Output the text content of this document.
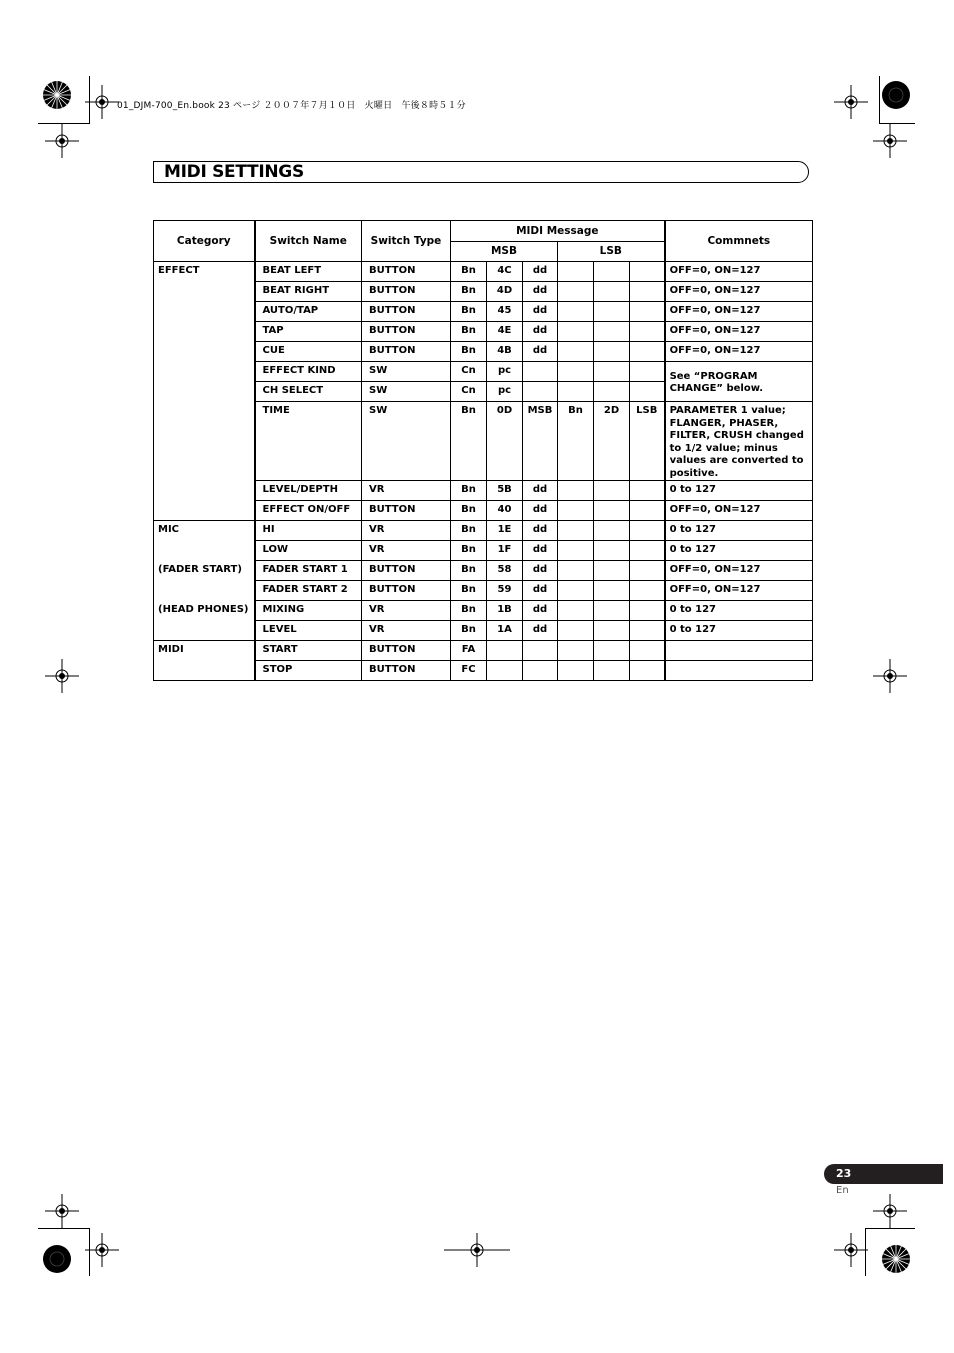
01_DJM-700_En.book 23 ページ ２００７年７月１０日　火曜日　午後８時５１分
MIDI SETTINGS
Category	Switch Name	Switch Type	MIDI Message						Commnets
			MSB			LSB			
EFFECT	BEAT LEFT	BUTTON	Bn	4C	dd				OFF=0, ON=127
	BEAT RIGHT	BUTTON	Bn	4D	dd				OFF=0, ON=127
	AUTO/TAP	BUTTON	Bn	45	dd				OFF=0, ON=127
	TAP	BUTTON	Bn	4E	dd				OFF=0, ON=127
	CUE	BUTTON	Bn	4B	dd				OFF=0, ON=127
	EFFECT KIND	SW	Cn	pc					See “PROGRAM CHANGE” below.
	CH SELECT	SW	Cn	pc					
	TIME	SW	Bn	0D	MSB	Bn	2D	LSB	PARAMETER 1 value; FLANGER, PHASER, FILTER, CRUSH changed to 1/2 value; minus values are converted to positive.
	LEVEL/DEPTH	VR	Bn	5B	dd				0 to 127
	EFFECT ON/OFF	BUTTON	Bn	40	dd				OFF=0, ON=127
MIC	HI	VR	Bn	1E	dd				0 to 127
	LOW	VR	Bn	1F	dd				0 to 127
(FADER START)	FADER START 1	BUTTON	Bn	58	dd				OFF=0, ON=127
	FADER START 2	BUTTON	Bn	59	dd				OFF=0, ON=127
(HEAD PHONES)	MIXING	VR	Bn	1B	dd				0 to 127
	LEVEL	VR	Bn	1A	dd				0 to 127
MIDI	START	BUTTON	FA						
	STOP	BUTTON	FC						
23
En
